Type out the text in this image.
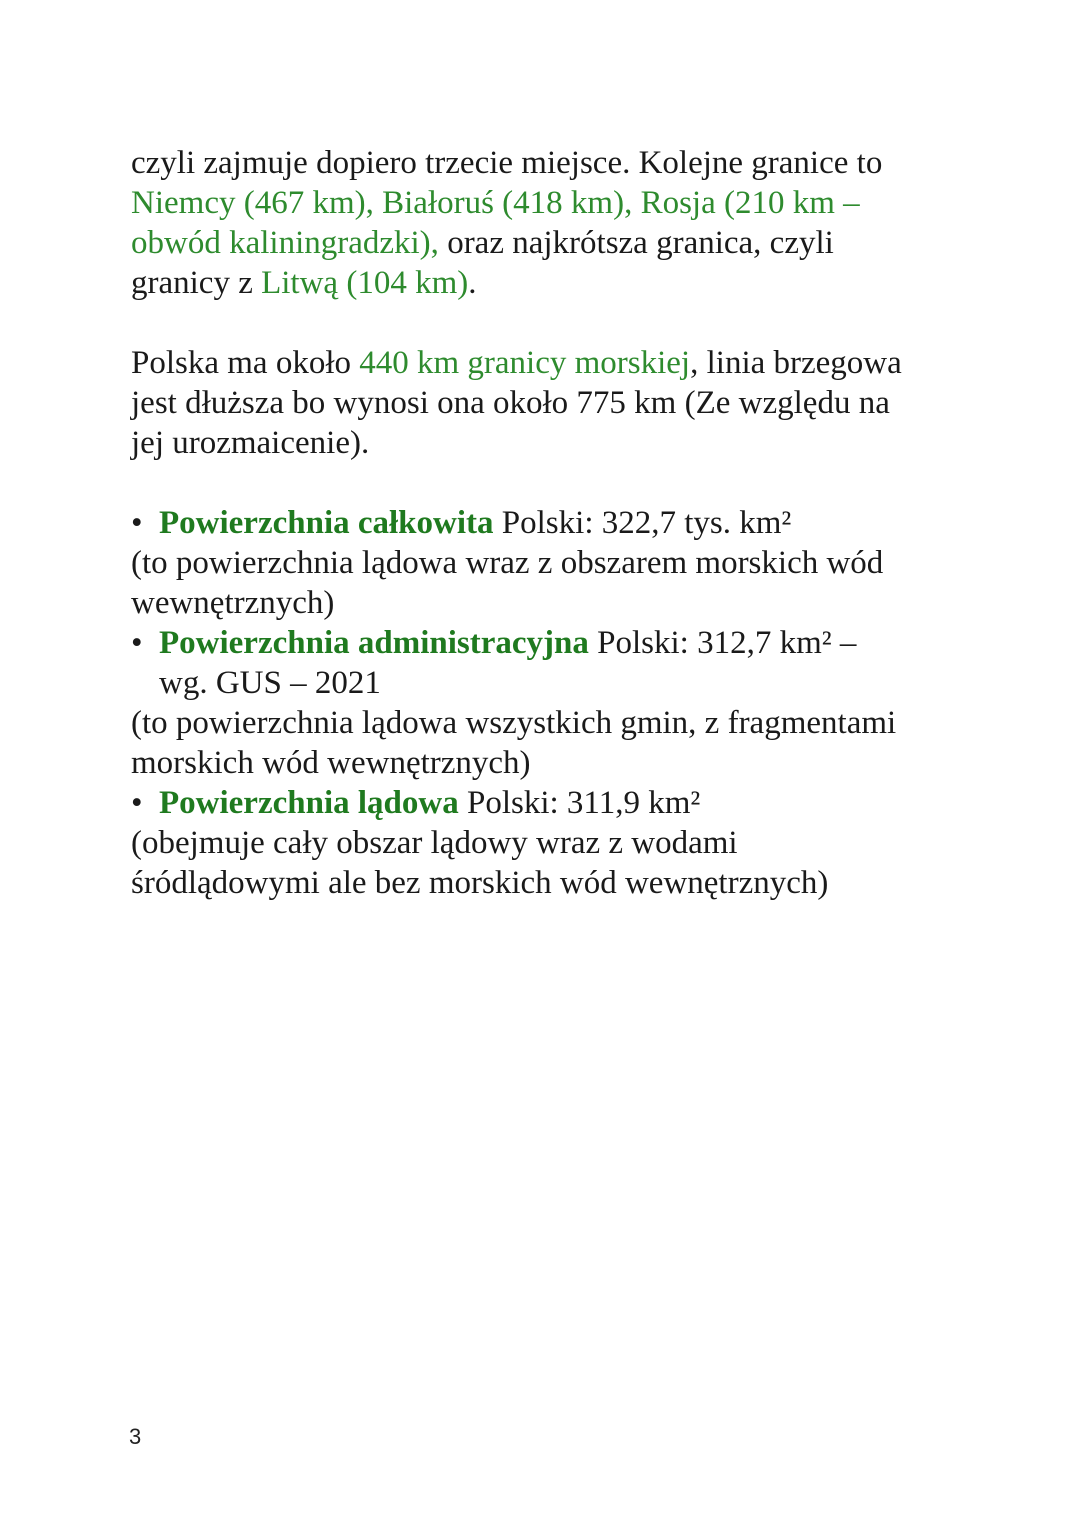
czyli zajmuje dopiero trzecie miejsce. Kolejne granice to
Niemcy (467 km), Białoruś (418 km), Rosja (210 km –
obwód kaliningradzki), oraz najkrótsza granica, czyli
granicy z Litwą (104 km).

Polska ma około 440 km granicy morskiej, linia brzegowa
jest dłuższa bo wynosi ona około 775 km (Ze względu na
jej urozmaicenie).

• Powierzchnia całkowita Polski: 322,7 tys. km²
(to powierzchnia lądowa wraz z obszarem morskich wód
wewnętrznych)
• Powierzchnia administracyjna Polski: 312,7 km² –
wg. GUS – 2021
(to powierzchnia lądowa wszystkich gmin, z fragmentami
morskich wód wewnętrznych)
• Powierzchnia lądowa Polski: 311,9 km²
(obejmuje cały obszar lądowy wraz z wodami
śródlądowymi ale bez morskich wód wewnętrznych)
3
